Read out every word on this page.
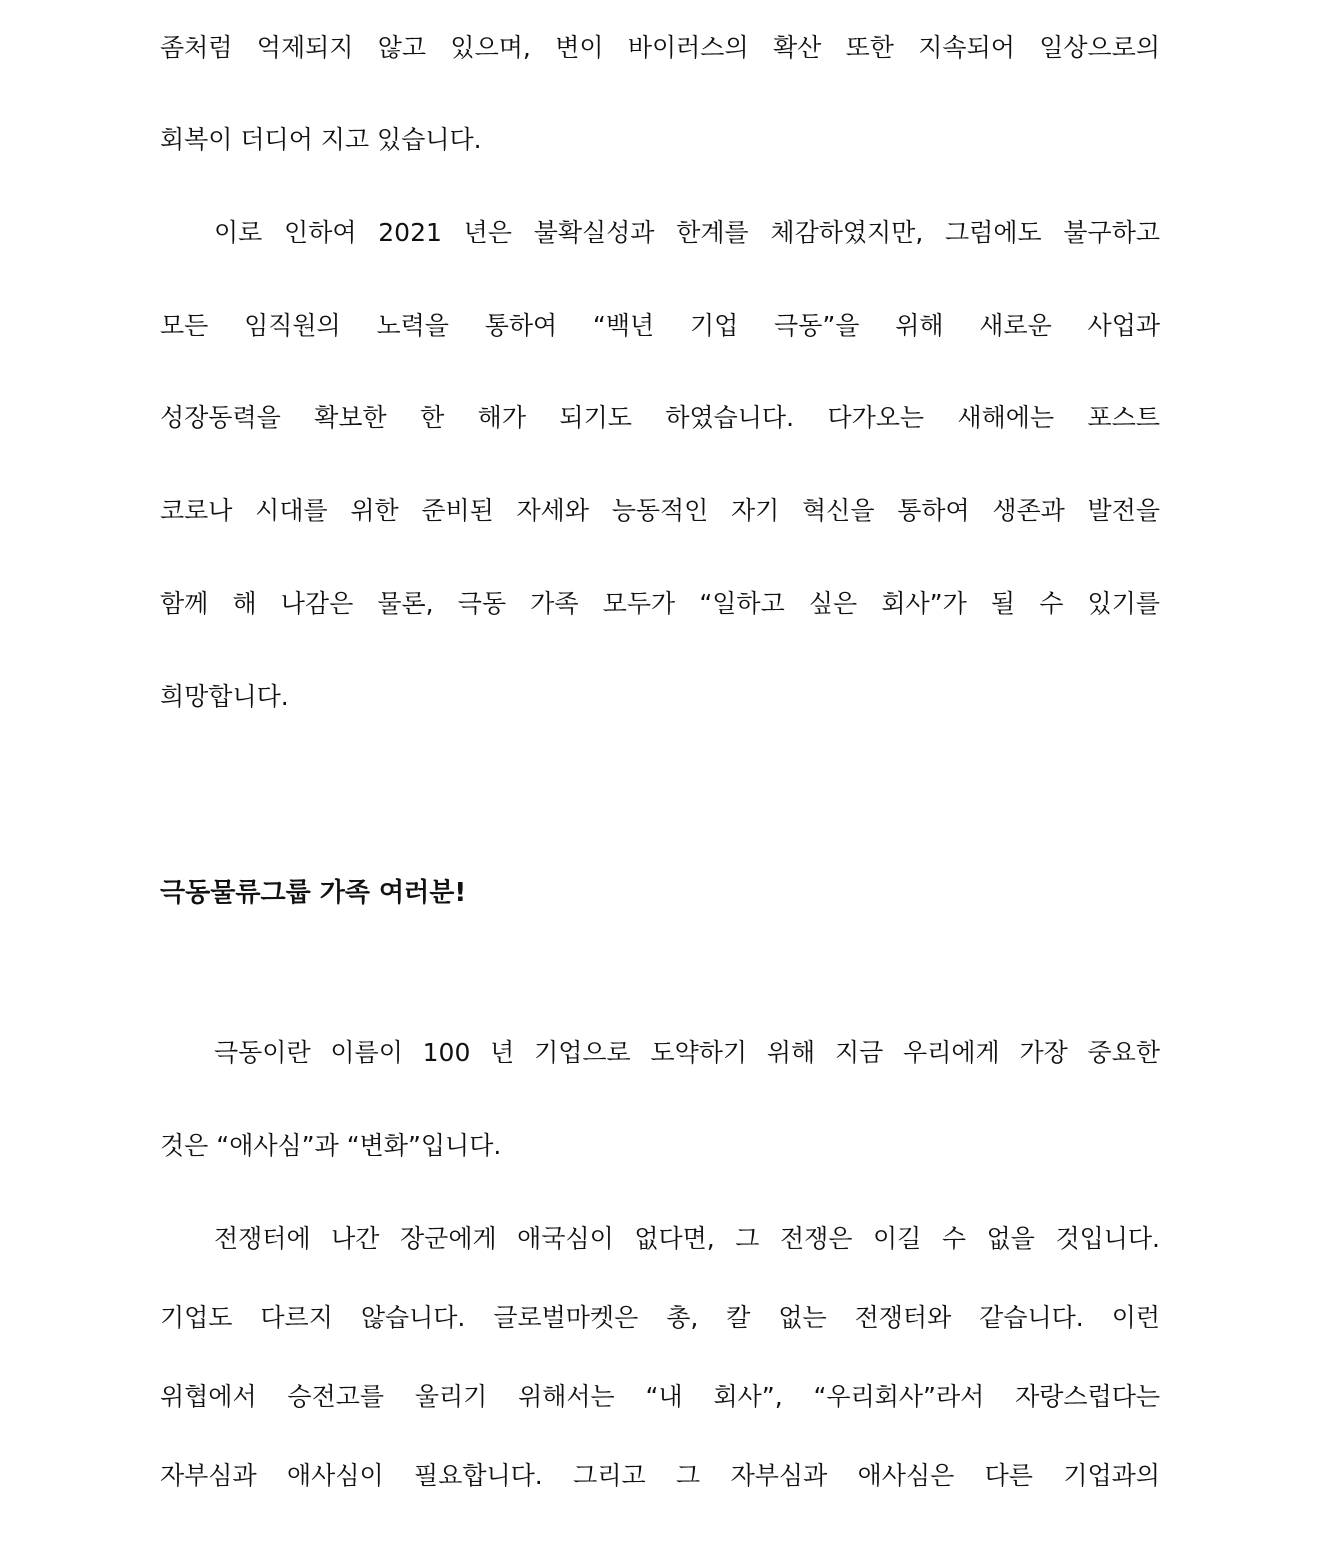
좀처럼 억제되지 않고 있으며, 변이 바이러스의 확산 또한 지속되어 일상으로의
회복이 더디어 지고 있습니다.
이로 인하여 2021 년은 불확실성과 한계를 체감하였지만, 그럼에도 불구하고
모든 임직원의 노력을 통하여 “백년 기업 극동”을 위해 새로운 사업과
성장동력을 확보한 한 해가 되기도 하였습니다. 다가오는 새해에는 포스트
코로나 시대를 위한 준비된 자세와 능동적인 자기 혁신을 통하여 생존과 발전을
함께 해 나감은 물론, 극동 가족 모두가 “일하고 싶은 회사”가 될 수 있기를
희망합니다.
극동물류그룹 가족 여러분!
극동이란 이름이 100 년 기업으로 도약하기 위해 지금 우리에게 가장 중요한
것은 “애사심”과 “변화”입니다.
전쟁터에 나간 장군에게 애국심이 없다면, 그 전쟁은 이길 수 없을 것입니다.
기업도 다르지 않습니다. 글로벌마켓은 총, 칼 없는 전쟁터와 같습니다. 이런
위협에서 승전고를 울리기 위해서는 “내 회사”, “우리회사”라서 자랑스럽다는
자부심과 애사심이 필요합니다. 그리고 그 자부심과 애사심은 다른 기업과의
